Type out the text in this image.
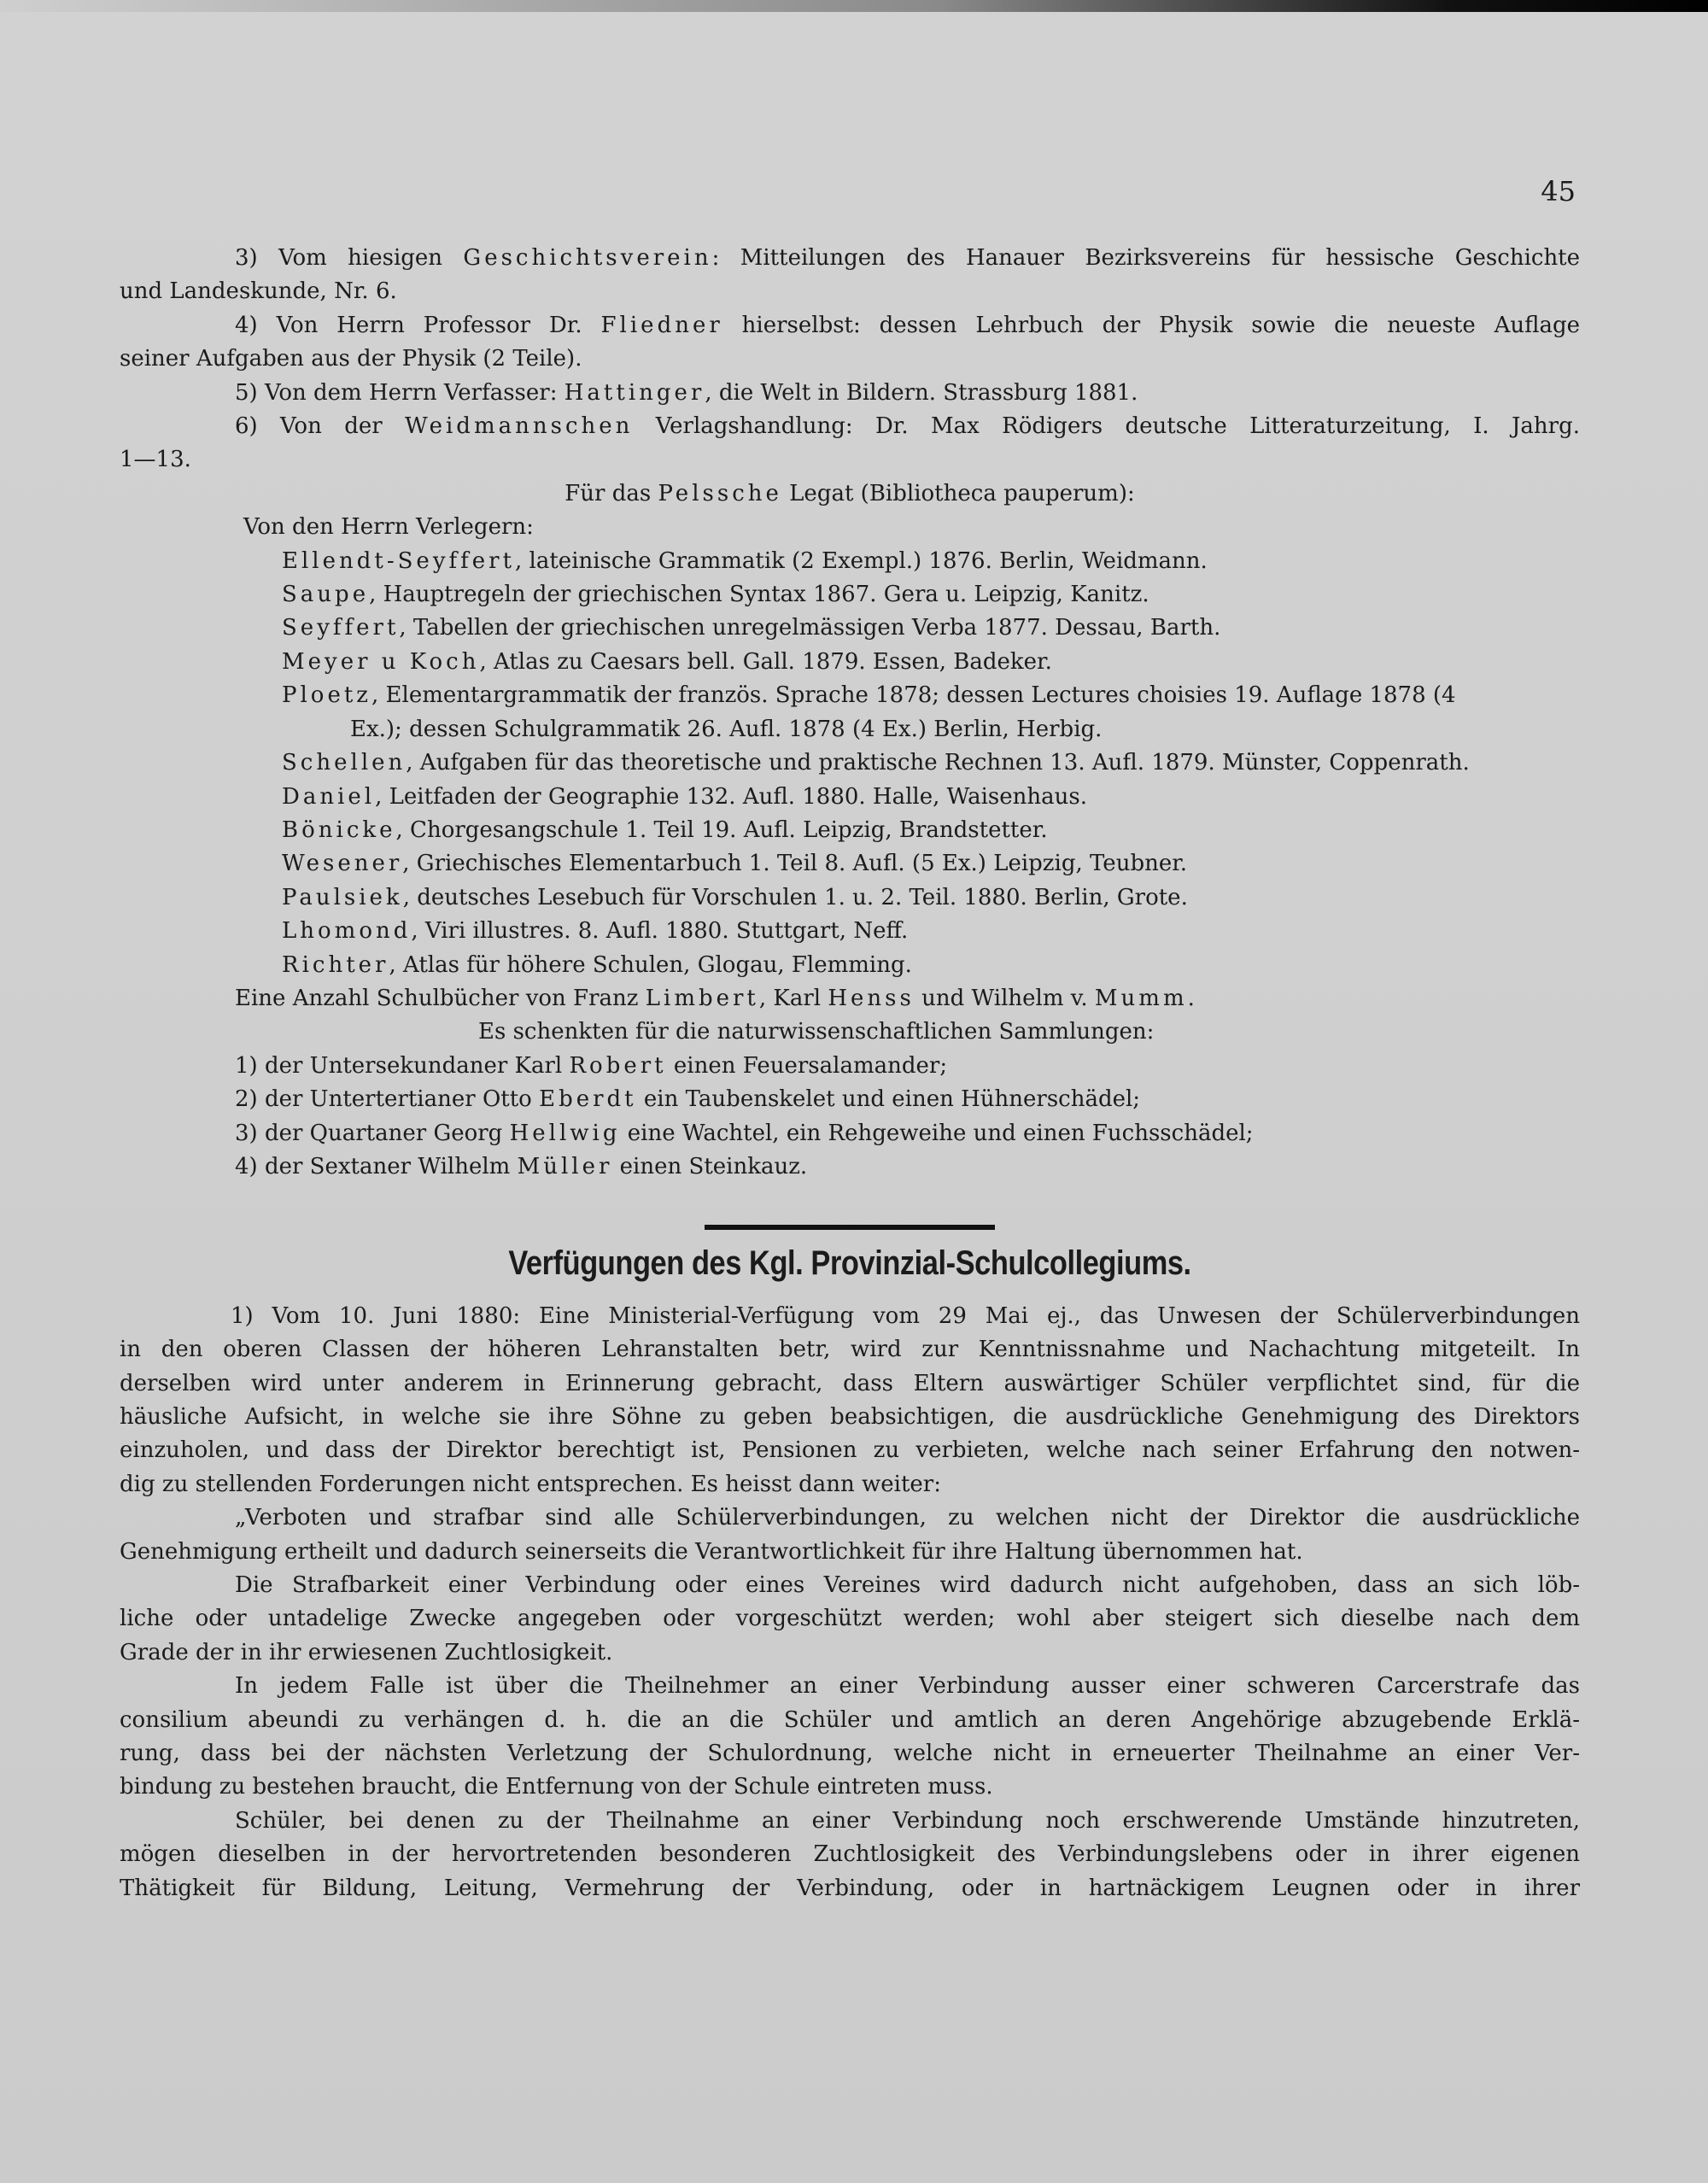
45
3) Vom hiesigen Geschichtsverein: Mitteilungen des Hanauer Bezirksvereins für hessische Geschichte
und Landeskunde, Nr. 6.
4) Von Herrn Professor Dr. Fliedner hierselbst: dessen Lehrbuch der Physik sowie die neueste Auflage
seiner Aufgaben aus der Physik (2 Teile).
5) Von dem Herrn Verfasser: Hattinger, die Welt in Bildern. Strassburg 1881.
6) Von der Weidmannschen Verlagshandlung: Dr. Max Rödigers deutsche Litteraturzeitung, I. Jahrg.
1—13.
Für das Pelssche Legat (Bibliotheca pauperum):
Von den Herrn Verlegern:
Ellendt-Seyffert, lateinische Grammatik (2 Exempl.) 1876. Berlin, Weidmann.
Saupe, Hauptregeln der griechischen Syntax 1867. Gera u. Leipzig, Kanitz.
Seyffert, Tabellen der griechischen unregelmässigen Verba 1877. Dessau, Barth.
Meyer u Koch, Atlas zu Caesars bell. Gall. 1879. Essen, Badeker.
Ploetz, Elementargrammatik der französ. Sprache 1878; dessen Lectures choisies 19. Auflage 1878 (4
Ex.); dessen Schulgrammatik 26. Aufl. 1878 (4 Ex.) Berlin, Herbig.
Schellen, Aufgaben für das theoretische und praktische Rechnen 13. Aufl. 1879. Münster, Coppenrath.
Daniel, Leitfaden der Geographie 132. Aufl. 1880. Halle, Waisenhaus.
Bönicke, Chorgesangschule 1. Teil 19. Aufl. Leipzig, Brandstetter.
Wesener, Griechisches Elementarbuch 1. Teil 8. Aufl. (5 Ex.) Leipzig, Teubner.
Paulsiek, deutsches Lesebuch für Vorschulen 1. u. 2. Teil. 1880. Berlin, Grote.
Lhomond, Viri illustres. 8. Aufl. 1880. Stuttgart, Neff.
Richter, Atlas für höhere Schulen, Glogau, Flemming.
Eine Anzahl Schulbücher von Franz Limbert, Karl Henss und Wilhelm v. Mumm.
Es schenkten für die naturwissenschaftlichen Sammlungen:
1) der Untersekundaner Karl Robert einen Feuersalamander;
2) der Untertertianer Otto Eberdt ein Taubenskelet und einen Hühnerschädel;
3) der Quartaner Georg Hellwig eine Wachtel, ein Rehgeweihe und einen Fuchsschädel;
4) der Sextaner Wilhelm Müller einen Steinkauz.
Verfügungen des Kgl. Provinzial-Schulcollegiums.
1) Vom 10. Juni 1880: Eine Ministerial-Verfügung vom 29 Mai ej., das Unwesen der Schülerverbindungen
in den oberen Classen der höheren Lehranstalten betr, wird zur Kenntnissnahme und Nachachtung mitgeteilt. In
derselben wird unter anderem in Erinnerung gebracht, dass Eltern auswärtiger Schüler verpflichtet sind, für die
häusliche Aufsicht, in welche sie ihre Söhne zu geben beabsichtigen, die ausdrückliche Genehmigung des Direktors
einzuholen, und dass der Direktor berechtigt ist, Pensionen zu verbieten, welche nach seiner Erfahrung den notwen-
dig zu stellenden Forderungen nicht entsprechen. Es heisst dann weiter:
„Verboten und strafbar sind alle Schülerverbindungen, zu welchen nicht der Direktor die ausdrückliche
Genehmigung ertheilt und dadurch seinerseits die Verantwortlichkeit für ihre Haltung übernommen hat.
Die Strafbarkeit einer Verbindung oder eines Vereines wird dadurch nicht aufgehoben, dass an sich löb-
liche oder untadelige Zwecke angegeben oder vorgeschützt werden; wohl aber steigert sich dieselbe nach dem
Grade der in ihr erwiesenen Zuchtlosigkeit.
In jedem Falle ist über die Theilnehmer an einer Verbindung ausser einer schweren Carcerstrafe das
consilium abeundi zu verhängen d. h. die an die Schüler und amtlich an deren Angehörige abzugebende Erklä-
rung, dass bei der nächsten Verletzung der Schulordnung, welche nicht in erneuerter Theilnahme an einer Ver-
bindung zu bestehen braucht, die Entfernung von der Schule eintreten muss.
Schüler, bei denen zu der Theilnahme an einer Verbindung noch erschwerende Umstände hinzutreten,
mögen dieselben in der hervortretenden besonderen Zuchtlosigkeit des Verbindungslebens oder in ihrer eigenen
Thätigkeit für Bildung, Leitung, Vermehrung der Verbindung, oder in hartnäckigem Leugnen oder in ihrer
